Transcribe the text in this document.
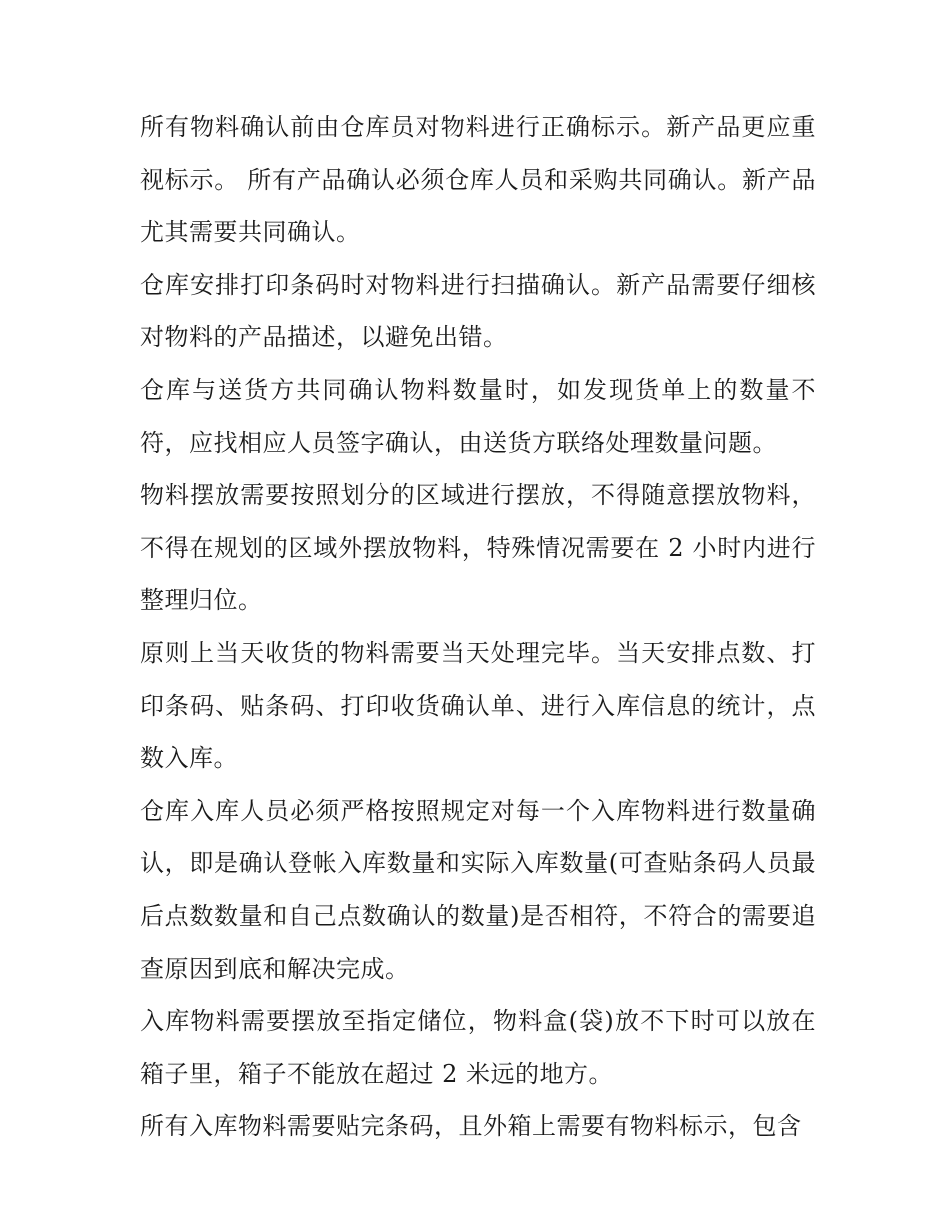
所有物料确认前由仓库员对物料进行正确标示。新产品更应重视标示。 所有产品确认必须仓库人员和采购共同确认。新产品尤其需要共同确认。

仓库安排打印条码时对物料进行扫描确认。新产品需要仔细核对物料的产品描述，以避免出错。

仓库与送货方共同确认物料数量时，如发现货单上的数量不符，应找相应人员签字确认，由送货方联络处理数量问题。

物料摆放需要按照划分的区域进行摆放，不得随意摆放物料，不得在规划的区域外摆放物料，特殊情况需要在 2 小时内进行整理归位。

原则上当天收货的物料需要当天处理完毕。当天安排点数、打印条码、贴条码、打印收货确认单、进行入库信息的统计，点数入库。

仓库入库人员必须严格按照规定对每一个入库物料进行数量确认，即是确认登帐入库数量和实际入库数量(可查贴条码人员最后点数数量和自己点数确认的数量)是否相符，不符合的需要追查原因到底和解决完成。

入库物料需要摆放至指定储位，物料盒(袋)放不下时可以放在箱子里，箱子不能放在超过 2 米远的地方。

所有入库物料需要贴完条码，且外箱上需要有物料标示，包含
